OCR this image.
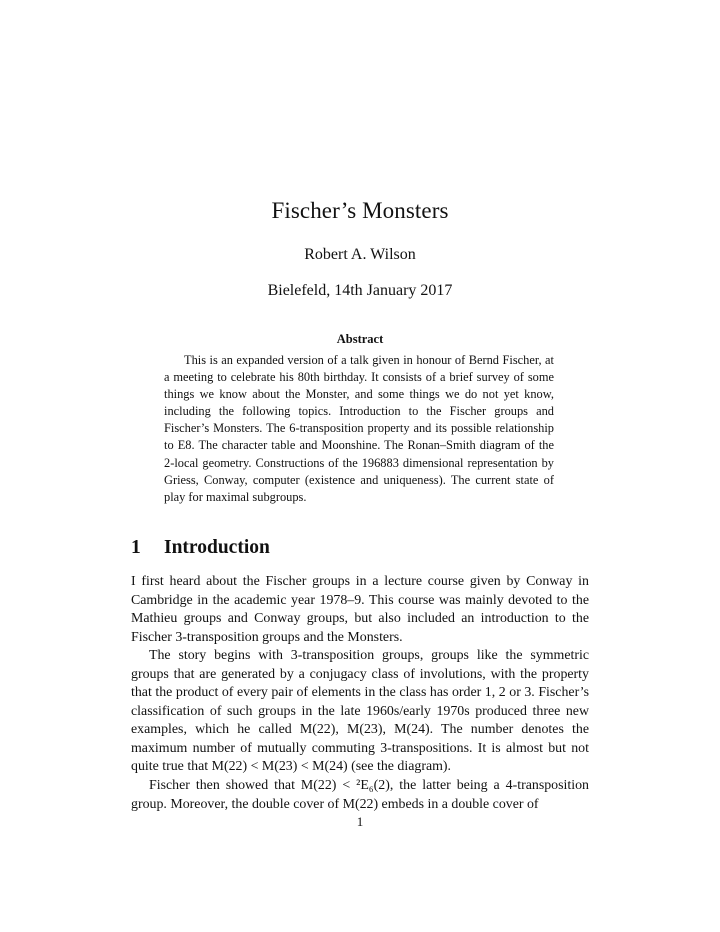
Fischer’s Monsters
Robert A. Wilson
Bielefeld, 14th January 2017
Abstract
This is an expanded version of a talk given in honour of Bernd Fischer, at a meeting to celebrate his 80th birthday. It consists of a brief survey of some things we know about the Monster, and some things we do not yet know, including the following topics. Introduction to the Fischer groups and Fischer’s Monsters. The 6-transposition property and its possible relationship to E8. The character table and Moonshine. The Ronan–Smith diagram of the 2-local geometry. Constructions of the 196883 dimensional representation by Griess, Conway, computer (existence and uniqueness). The current state of play for maximal subgroups.
1 Introduction

I first heard about the Fischer groups in a lecture course given by Conway in Cambridge in the academic year 1978–9. This course was mainly devoted to the Mathieu groups and Conway groups, but also included an introduction to the Fischer 3-transposition groups and the Monsters.

The story begins with 3-transposition groups, groups like the symmetric groups that are generated by a conjugacy class of involutions, with the property that the product of every pair of elements in the class has order 1, 2 or 3. Fischer’s classification of such groups in the late 1960s/early 1970s produced three new examples, which he called M(22), M(23), M(24). The number denotes the maximum number of mutually commuting 3-transpositions. It is almost but not quite true that M(22) < M(23) < M(24) (see the diagram).

Fischer then showed that M(22) < ²E₆(2), the latter being a 4-transposition group. Moreover, the double cover of M(22) embeds in a double cover of

1
